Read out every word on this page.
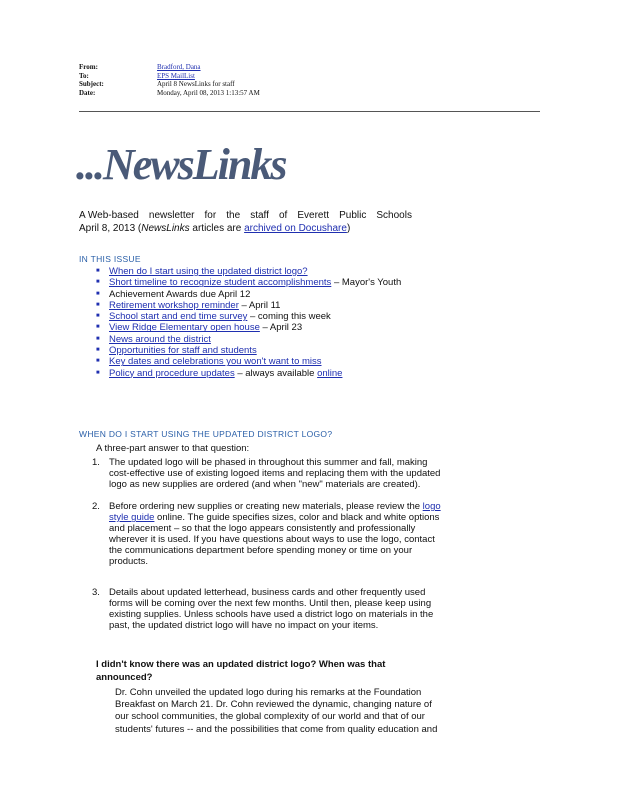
From:	Bradford, Dana
To:	EPS MailList
Subject:	April 8 NewsLinks for staff
Date:	Monday, April 08, 2013 1:13:57 AM
...NewsLinks
A Web-based newsletter for the staff of Everett Public Schools
April 8, 2013 (NewsLinks articles are archived on Docushare)
IN THIS ISSUE
■ When do I start using the updated district logo?
■ Short timeline to recognize student accomplishments – Mayor's Youth
■ Achievement Awards due April 12
■ Retirement workshop reminder – April 11
■ School start and end time survey – coming this week
■ View Ridge Elementary open house – April 23
■ News around the district
■ Opportunities for staff and students
■ Key dates and celebrations you won't want to miss
■ Policy and procedure updates – always available online
WHEN DO I START USING THE UPDATED DISTRICT LOGO?
A three-part answer to that question:
1. The updated logo will be phased in throughout this summer and fall, making
cost-effective use of existing logoed items and replacing them with the updated
logo as new supplies are ordered (and when "new" materials are created).
2. Before ordering new supplies or creating new materials, please review the logo
style guide online. The guide specifies sizes, color and black and white options
and placement – so that the logo appears consistently and professionally
wherever it is used. If you have questions about ways to use the logo, contact
the communications department before spending money or time on your
products.
3. Details about updated letterhead, business cards and other frequently used
forms will be coming over the next few months. Until then, please keep using
existing supplies. Unless schools have used a district logo on materials in the
past, the updated district logo will have no impact on your items.
I didn't know there was an updated district logo? When was that
announced?
Dr. Cohn unveiled the updated logo during his remarks at the Foundation
Breakfast on March 21. Dr. Cohn reviewed the dynamic, changing nature of
our school communities, the global complexity of our world and that of our
students' futures -- and the possibilities that come from quality education and
